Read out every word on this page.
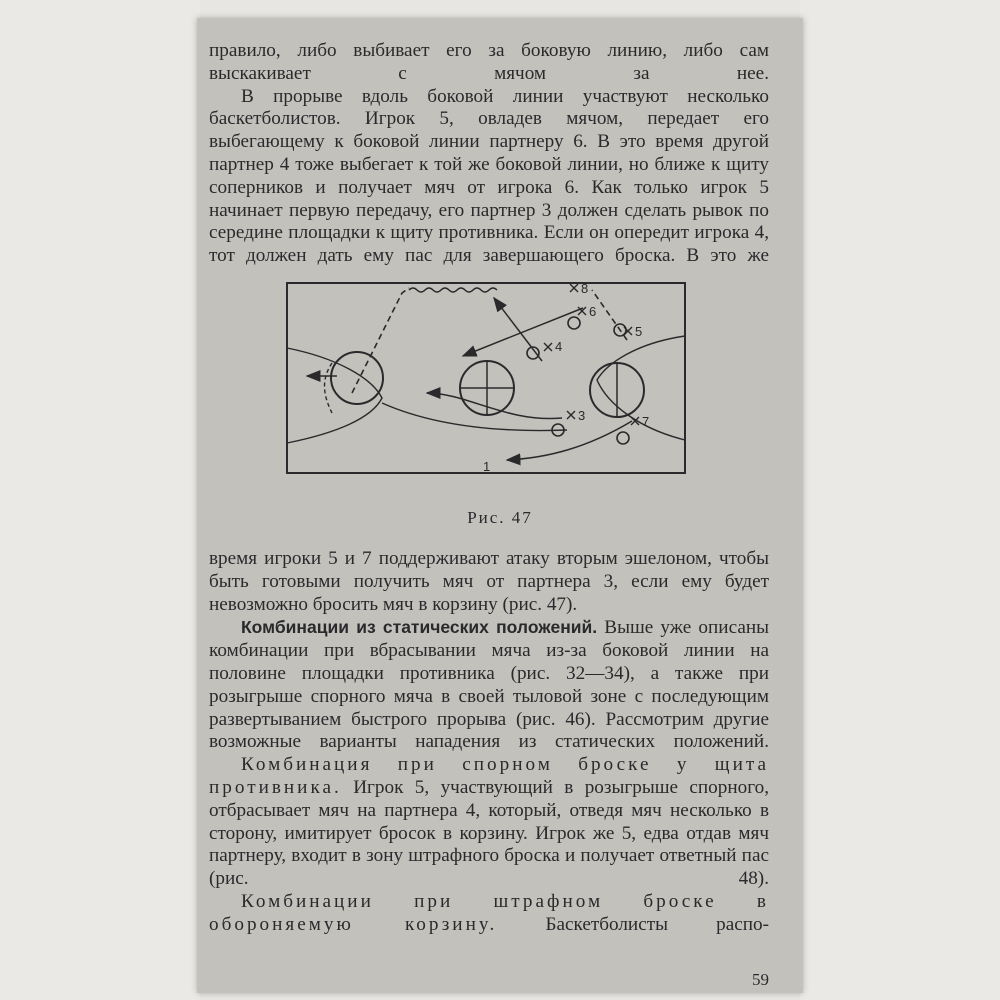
правило, либо выбивает его за боковую линию, либо сам выскакивает с мячом за нее.

В прорыве вдоль боковой линии участвуют несколько баскетболистов. Игрок 5, овладев мячом, передает его выбегающему к боковой линии партнеру 6. В это время другой партнер 4 тоже выбегает к той же боковой линии, но ближе к щиту соперников и получает мяч от игрока 6. Как только игрок 5 начинает первую передачу, его партнер 3 должен сделать рывок по середине площадки к щиту противника. Если он опередит игрока 4, тот должен дать ему пас для завершающего броска. В это же

8
6
5
4
3	7
1
Рис. 47

время игроки 5 и 7 поддерживают атаку вторым эшелоном, чтобы быть готовыми получить мяч от партнера 3, если ему будет невозможно бросить мяч в корзину (рис. 47).

Комбинации из статических положений. Выше уже описаны комбинации при вбрасывании мяча из-за боковой линии на половине площадки противника (рис. 32—34), а также при розыгрыше спорного мяча в своей тыловой зоне с последующим развертыванием быстрого прорыва (рис. 46). Рассмотрим другие возможные варианты нападения из статических положений.

Комбинация при спорном броске у щита противника. Игрок 5, участвующий в розыгрыше спорного, отбрасывает мяч на партнера 4, который, отведя мяч несколько в сторону, имитирует бросок в корзину. Игрок же 5, едва отдав мяч партнеру, входит в зону штрафного броска и получает ответный пас (рис. 48).

Комбинации при штрафном броске в обороняемую корзину. Баскетболисты распо-

59
